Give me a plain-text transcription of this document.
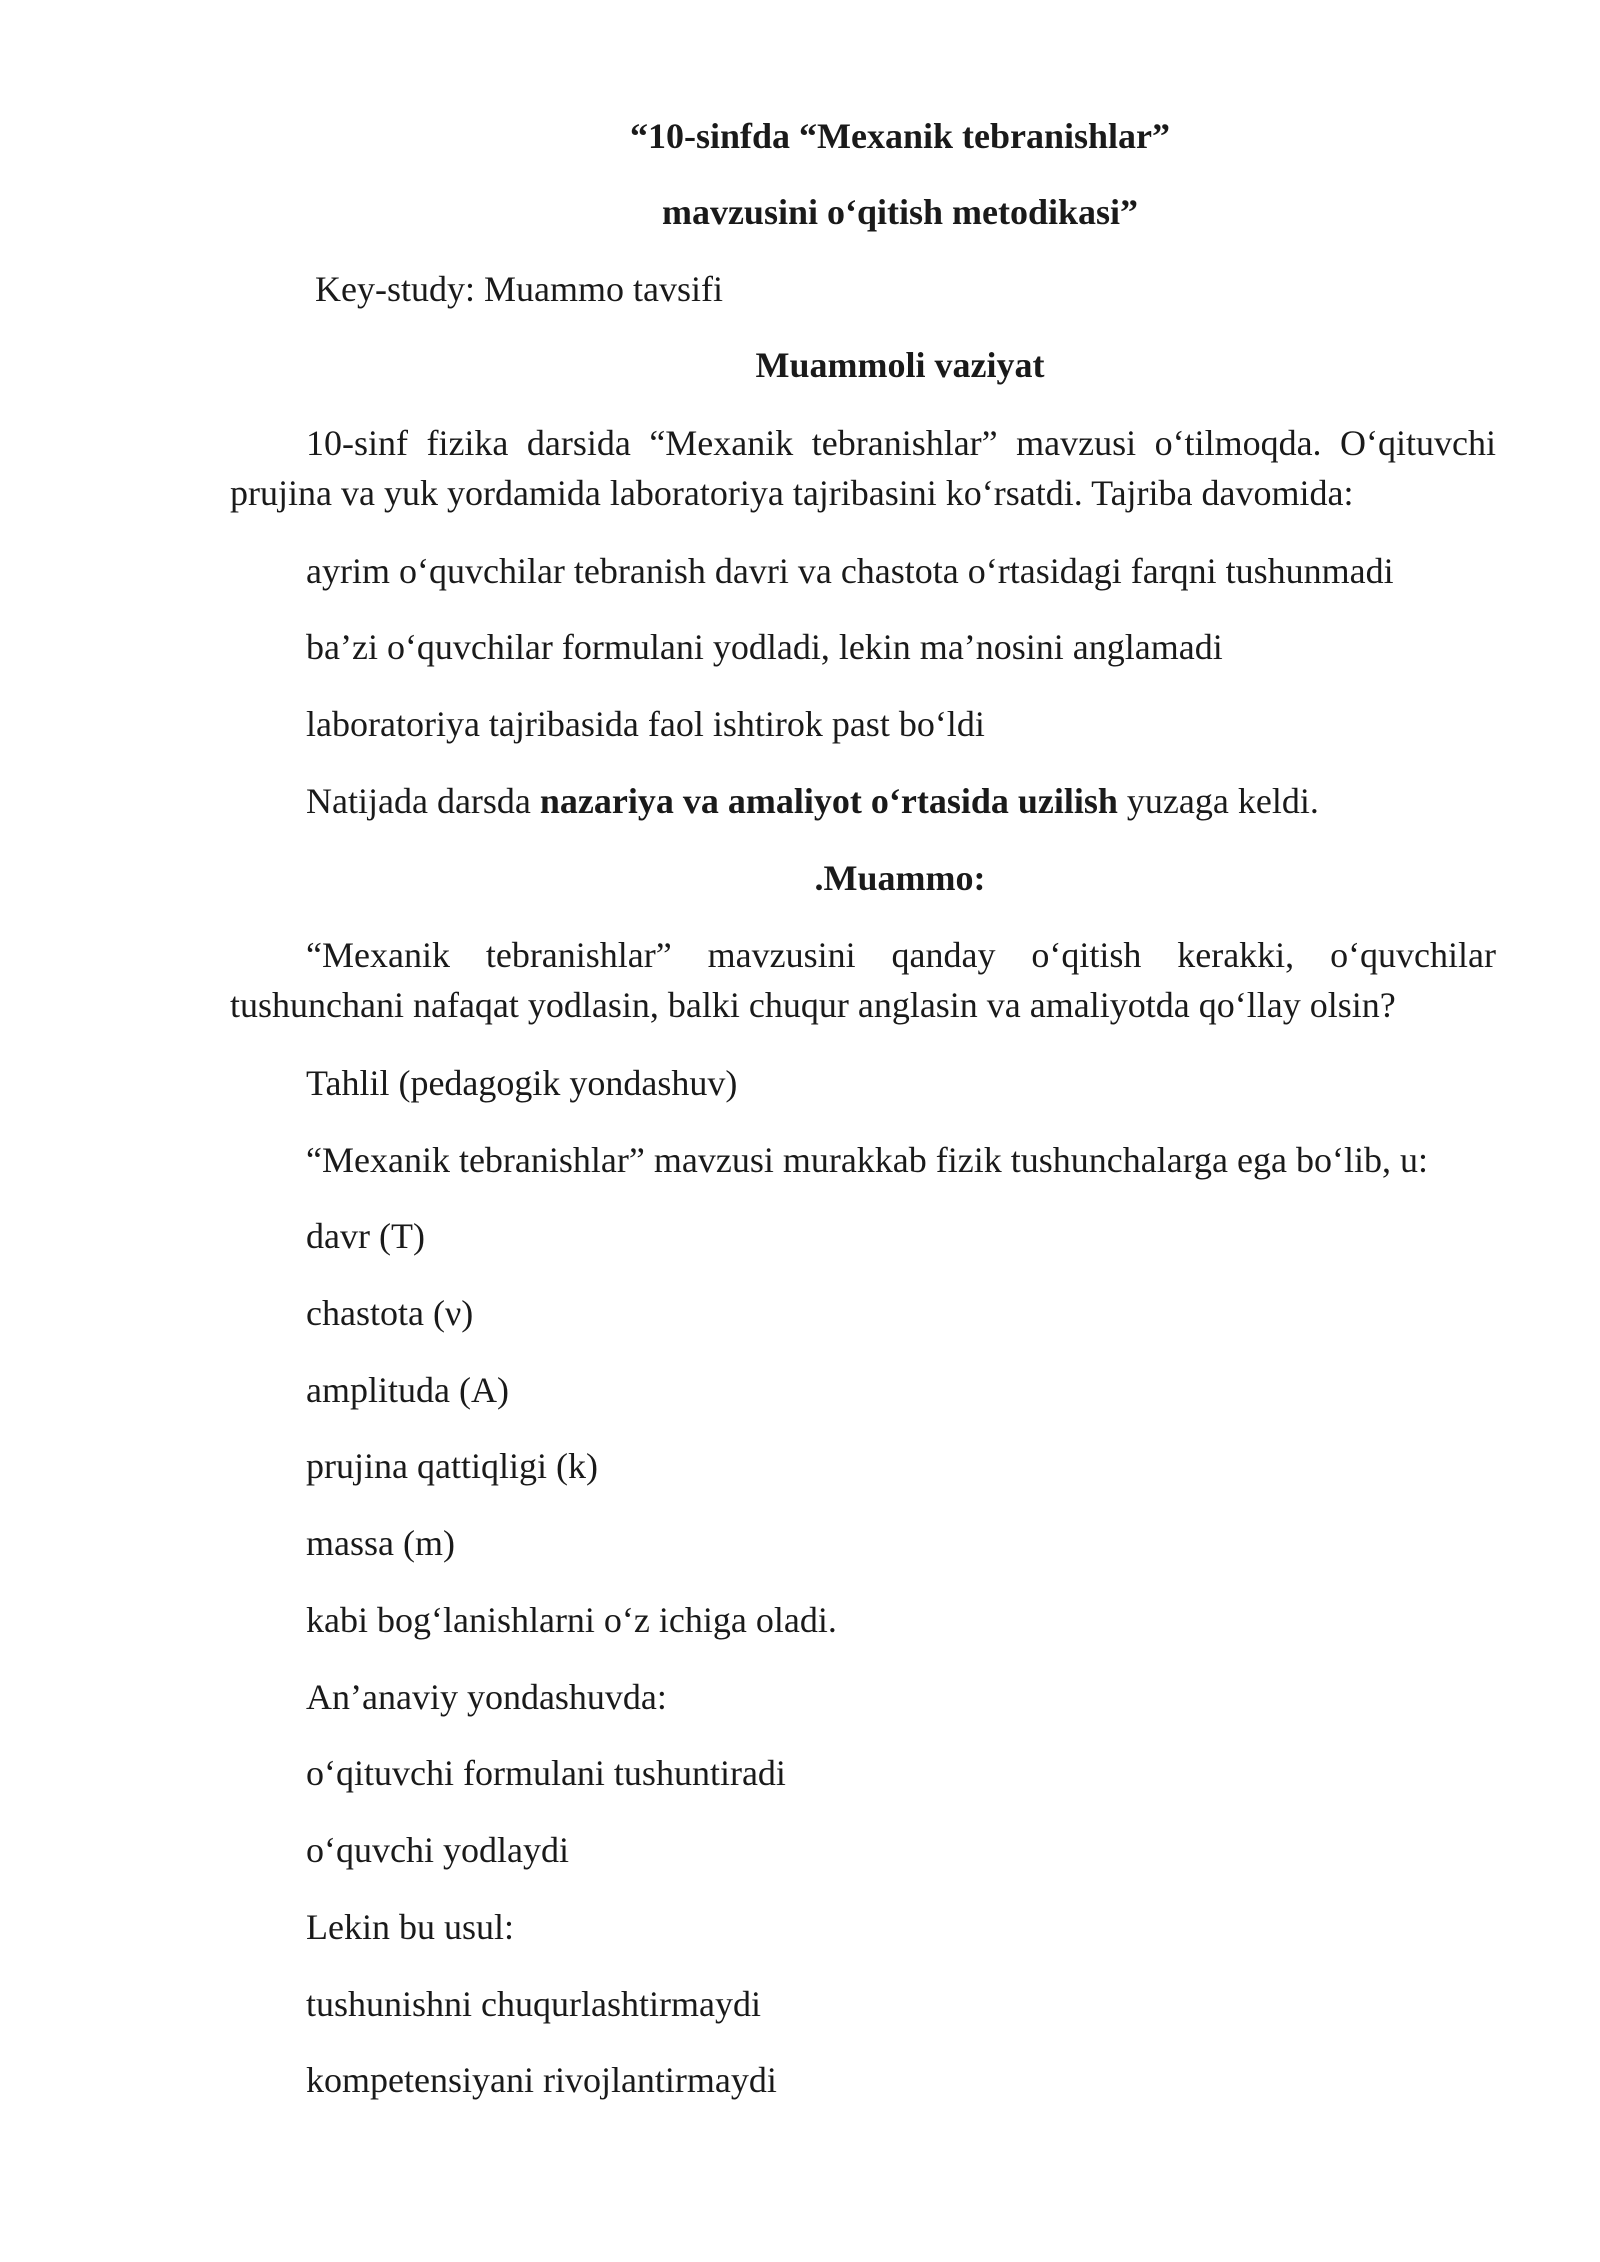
“10-sinfda “Mexanik tebranishlar”
mavzusini o‘qitish metodikasi”
Key-study: Muammo tavsifi
Muammoli vaziyat

10-sinf fizika darsida “Mexanik tebranishlar” mavzusi o‘tilmoqda. O‘qituvchi prujina va yuk yordamida laboratoriya tajribasini ko‘rsatdi. Tajriba davomida:

ayrim o‘quvchilar tebranish davri va chastota o‘rtasidagi farqni tushunmadi
ba’zi o‘quvchilar formulani yodladi, lekin ma’nosini anglamadi
laboratoriya tajribasida faol ishtirok past bo‘ldi
Natijada darsda nazariya va amaliyot o‘rtasida uzilish yuzaga keldi.
.Muammo:

“Mexanik tebranishlar” mavzusini qanday o‘qitish kerakki, o‘quvchilar tushunchani nafaqat yodlasin, balki chuqur anglasin va amaliyotda qo‘llay olsin?

Tahlil (pedagogik yondashuv)
“Mexanik tebranishlar” mavzusi murakkab fizik tushunchalarga ega bo‘lib, u:
davr (T)
chastota (ν)
amplituda (A)
prujina qattiqligi (k)
massa (m)
kabi bog‘lanishlarni o‘z ichiga oladi.
An’anaviy yondashuvda:
o‘qituvchi formulani tushuntiradi
o‘quvchi yodlaydi
Lekin bu usul:
tushunishni chuqurlashtirmaydi
kompetensiyani rivojlantirmaydi
